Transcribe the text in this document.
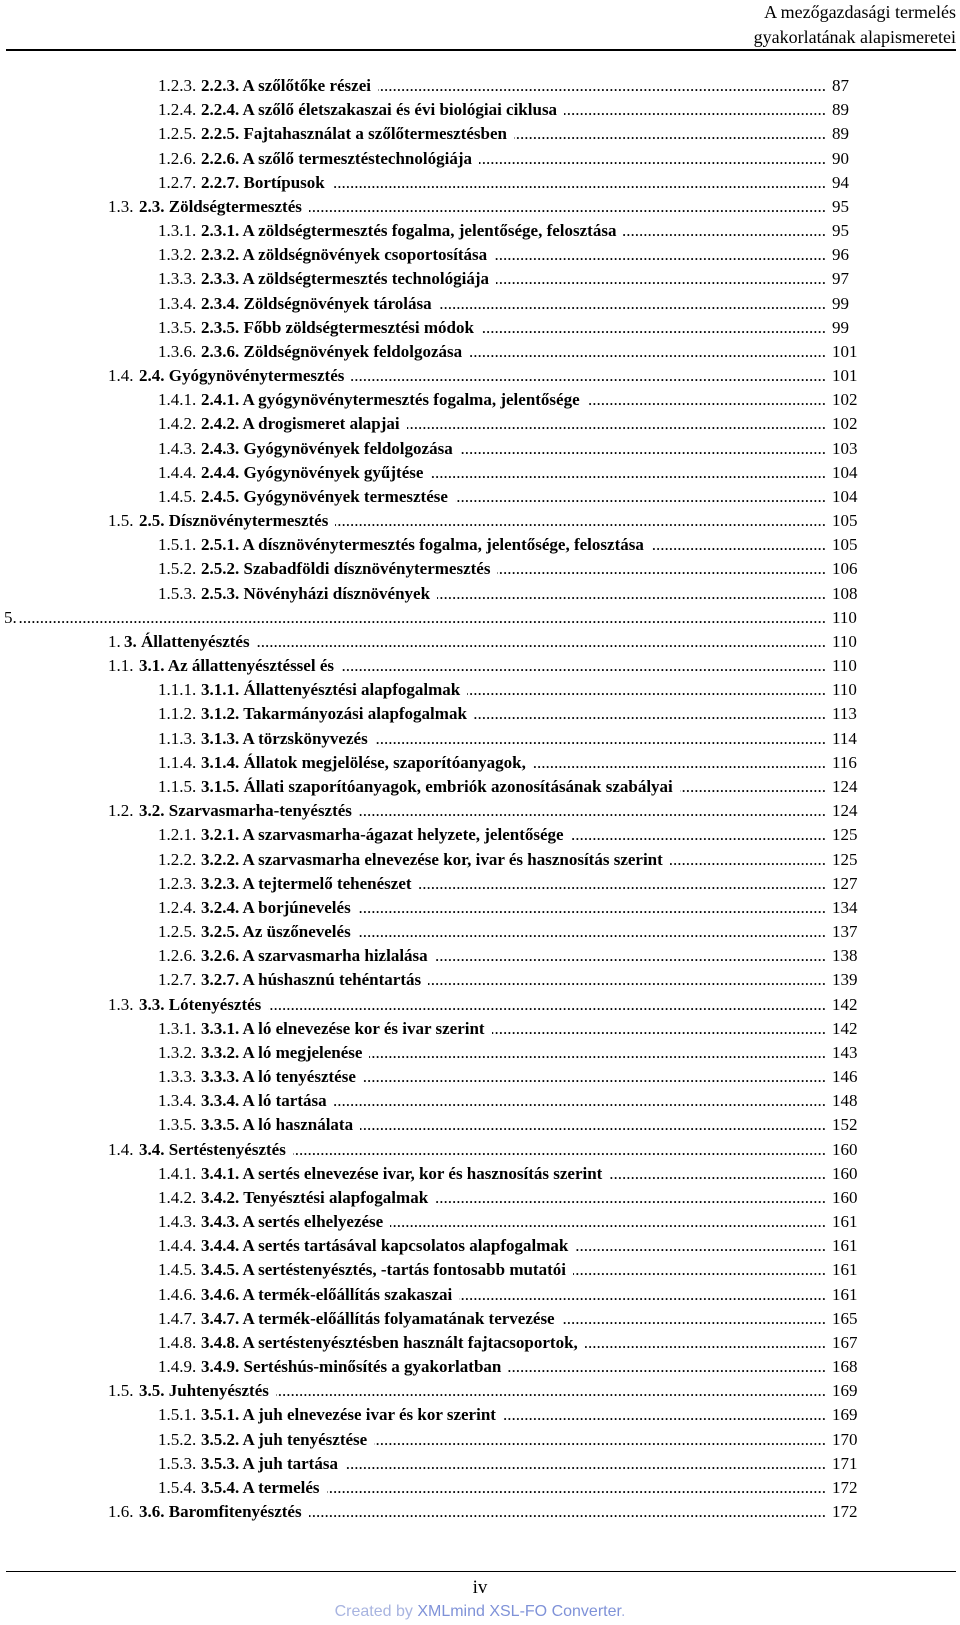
A mezőgazdasági termelés
gyakorlatának alapismeretei
1.2.3. 2.2.3. A szőlőtőke részei .....	87
1.2.4. 2.2.4. A szőlő életszakaszai és évi biológiai ciklusa .....	89
1.2.5. 2.2.5. Fajtahasználat a szőlőtermesztésben .....	89
1.2.6. 2.2.6. A szőlő termesztéstechnológiája .....	90
1.2.7. 2.2.7. Bortípusok .....	94
1.3. 2.3. Zöldségtermesztés .....	95
1.3.1. 2.3.1. A zöldségtermesztés fogalma, jelentősége, felosztása .....	95
1.3.2. 2.3.2. A zöldségnövények csoportosítása .....	96
1.3.3. 2.3.3. A zöldségtermesztés technológiája .....	97
1.3.4. 2.3.4. Zöldségnövények tárolása .....	99
1.3.5. 2.3.5. Főbb zöldségtermesztési módok .....	99
1.3.6. 2.3.6. Zöldségnövények feldolgozása .....	101
1.4. 2.4. Gyógynövénytermesztés .....	101
1.4.1. 2.4.1. A gyógynövénytermesztés fogalma, jelentősége .....	102
1.4.2. 2.4.2. A drogismeret alapjai .....	102
1.4.3. 2.4.3. Gyógynövények feldolgozása .....	103
1.4.4. 2.4.4. Gyógynövények gyűjtése .....	104
1.4.5. 2.4.5. Gyógynövények termesztése .....	104
1.5. 2.5. Dísznövénytermesztés .....	105
1.5.1. 2.5.1. A dísznövénytermesztés fogalma, jelentősége, felosztása .....	105
1.5.2. 2.5.2. Szabadföldi dísznövénytermesztés .....	106
1.5.3. 2.5.3. Növényházi dísznövények .....	108
5. .....	110
1. 3. Állattenyésztés .....	110
1.1. 3.1. Az állattenyésztéssel és .....	110
1.1.1. 3.1.1. Állattenyésztési alapfogalmak .....	110
1.1.2. 3.1.2. Takarmányozási alapfogalmak .....	113
1.1.3. 3.1.3. A törzskönyvezés .....	114
1.1.4. 3.1.4. Állatok megjelölése, szaporítóanyagok, .....	116
1.1.5. 3.1.5. Állati szaporítóanyagok, embriók azonosításának szabályai .....	124
1.2. 3.2. Szarvasmarha-tenyésztés .....	124
1.2.1. 3.2.1. A szarvasmarha-ágazat helyzete, jelentősége .....	125
1.2.2. 3.2.2. A szarvasmarha elnevezése kor, ivar és hasznosítás szerint .....	125
1.2.3. 3.2.3. A tejtermelő tehenészet .....	127
1.2.4. 3.2.4. A borjúnevelés .....	134
1.2.5. 3.2.5. Az üszőnevelés .....	137
1.2.6. 3.2.6. A szarvasmarha hizlalása .....	138
1.2.7. 3.2.7. A húshasznú tehéntartás .....	139
1.3. 3.3. Lótenyésztés .....	142
1.3.1. 3.3.1. A ló elnevezése kor és ivar szerint .....	142
1.3.2. 3.3.2. A ló megjelenése .....	143
1.3.3. 3.3.3. A ló tenyésztése .....	146
1.3.4. 3.3.4. A ló tartása .....	148
1.3.5. 3.3.5. A ló használata .....	152
1.4. 3.4. Sertéstenyésztés .....	160
1.4.1. 3.4.1. A sertés elnevezése ivar, kor és hasznosítás szerint .....	160
1.4.2. 3.4.2. Tenyésztési alapfogalmak .....	160
1.4.3. 3.4.3. A sertés elhelyezése .....	161
1.4.4. 3.4.4. A sertés tartásával kapcsolatos alapfogalmak .....	161
1.4.5. 3.4.5. A sertéstenyésztés, -tartás fontosabb mutatói .....	161
1.4.6. 3.4.6. A termék-előállítás szakaszai .....	161
1.4.7. 3.4.7. A termék-előállítás folyamatának tervezése .....	165
1.4.8. 3.4.8. A sertéstenyésztésben használt fajtacsoportok, .....	167
1.4.9. 3.4.9. Sertéshús-minősítés a gyakorlatban .....	168
1.5. 3.5. Juhtenyésztés .....	169
1.5.1. 3.5.1. A juh elnevezése ivar és kor szerint .....	169
1.5.2. 3.5.2. A juh tenyésztése .....	170
1.5.3. 3.5.3. A juh tartása .....	171
1.5.4. 3.5.4. A termelés .....	172
1.6. 3.6. Baromfitenyésztés .....	172
iv
Created by XMLmind XSL-FO Converter.
